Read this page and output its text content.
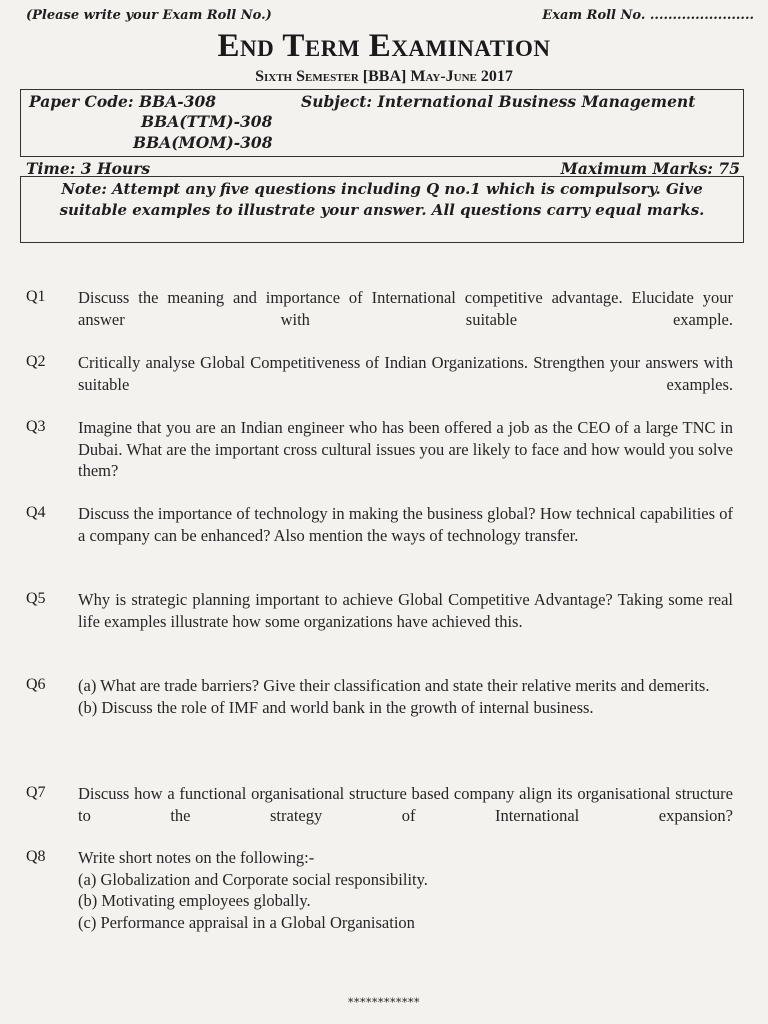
(Please write your Exam Roll No.)	Exam Roll No. .......................
End Term Examination
Sixth Semester [BBA] May-June 2017
Paper Code: BBA-308
BBA(TTM)-308
BBA(MOM)-308
Subject: International Business Management
Time: 3 Hours	Maximum Marks: 75
Note: Attempt any five questions including Q no.1 which is compulsory. Give suitable examples to illustrate your answer. All questions carry equal marks.
Q1 Discuss the meaning and importance of International competitive advantage. Elucidate your answer with suitable example.
Q2 Critically analyse Global Competitiveness of Indian Organizations. Strengthen your answers with suitable examples.
Q3 Imagine that you are an Indian engineer who has been offered a job as the CEO of a large TNC in Dubai. What are the important cross cultural issues you are likely to face and how would you solve them?
Q4 Discuss the importance of technology in making the business global? How technical capabilities of a company can be enhanced? Also mention the ways of technology transfer.
Q5 Why is strategic planning important to achieve Global Competitive Advantage? Taking some real life examples illustrate how some organizations have achieved this.
Q6 (a) What are trade barriers? Give their classification and state their relative merits and demerits.
(b) Discuss the role of IMF and world bank in the growth of internal business.
Q7 Discuss how a functional organisational structure based company align its organisational structure to the strategy of International expansion?
Q8 Write short notes on the following:-
(a) Globalization and Corporate social responsibility.
(b) Motivating employees globally.
(c) Performance appraisal in a Global Organisation
************
